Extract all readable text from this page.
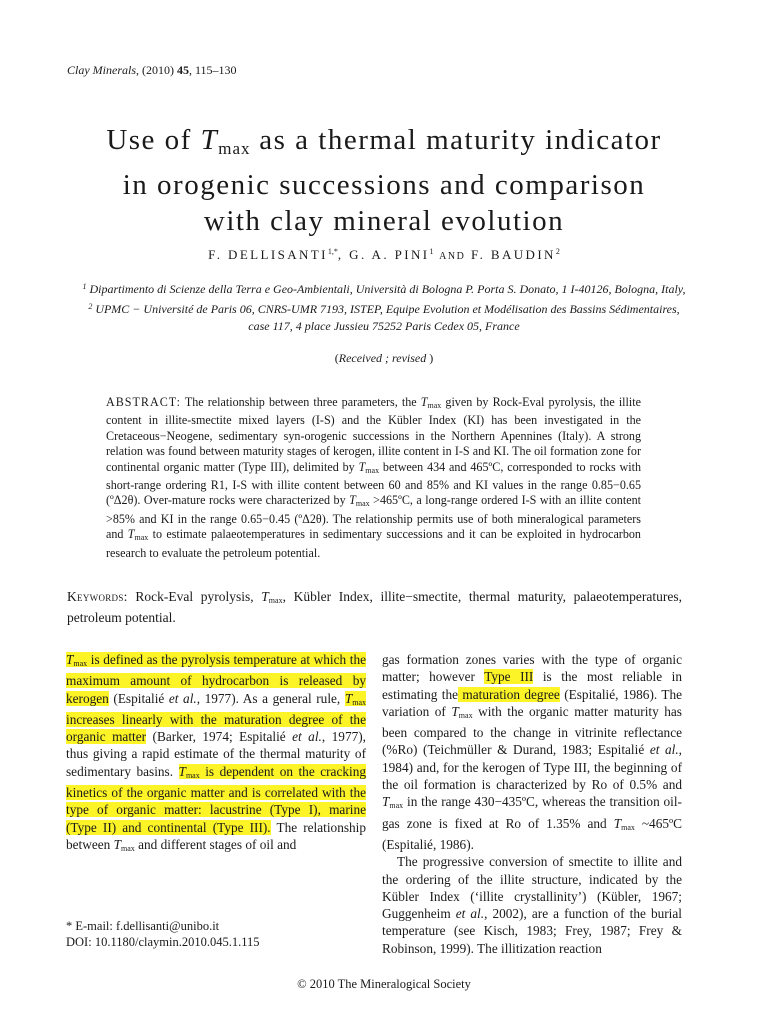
Clay Minerals, (2010) 45, 115–130
Use of $T_{max}$ as a thermal maturity indicator
in orogenic successions and comparison
with clay mineral evolution
F. $DELLISANTI^{1,*}$, G. A. PINI$^1$ AND F. BAUDIN$^2$
$^1$ Dipartimento di Scienze della Terra e Geo-Ambientali, Università di Bologna P. Porta S. Donato, 1 I-40126, Bologna, Italy, $^2$ UPMC − Université de Paris 06, CNRS-UMR 7193, ISTEP, Equipe Evolution et Modélisation des Bassins Sédimentaires, case 117, 4 place Jussieu 75252 Paris Cedex 05, France
(Received ; revised )
ABSTRACT: The relationship between three parameters, the $T_{max}$ given by Rock-Eval pyrolysis, the illite content in illite-smectite mixed layers (I-S) and the Kübler Index (KI) has been investigated in the Cretaceous−Neogene, sedimentary syn-orogenic successions in the Northern Apennines (Italy). A strong relation was found between maturity stages of kerogen, illite content in I-S and KI. The oil formation zone for continental organic matter (Type III), delimited by $T_{max}$ between 434 and 465ºC, corresponded to rocks with short-range ordering R1, I-S with illite content between 60 and 85% and KI values in the range 0.85−0.65 (ºΔ2θ). Over-mature rocks were characterized by $T_{max}$ >465ºC, a long-range ordered I-S with an illite content >85% and KI in the range 0.65−0.45 (ºΔ2θ). The relationship permits use of both mineralogical parameters and $T_{max}$ to estimate palaeotemperatures in sedimentary successions and it can be exploited in hydrocarbon research to evaluate the petroleum potential.
Keywords: Rock-Eval pyrolysis, $T_{max}$, Kübler Index, illite−smectite, thermal maturity, palaeotemperatures, petroleum potential.

$T_{max}$ is defined as the pyrolysis temperature at which the maximum amount of hydrocarbon is released by kerogen (Espitalié et al., 1977). As a general rule, $T_{max}$ increases linearly with the maturation degree of the organic matter (Barker, 1974; Espitalié et al., 1977), thus giving a rapid estimate of the thermal maturity of sedimentary basins. $T_{max}$ is dependent on the cracking kinetics of the organic matter and is correlated with the type of organic matter: lacustrine (Type I), marine (Type II) and continental (Type III). The relationship between $T_{max}$ and different stages of oil and

gas formation zones varies with the type of organic matter; however Type III is the most reliable in estimating the maturation degree (Espitalié, 1986). The variation of $T_{max}$ with the organic matter maturity has been compared to the change in vitrinite reflectance (%Ro) (Teichmüller & Durand, 1983; Espitalié et al., 1984) and, for the kerogen of Type III, the beginning of the oil formation is characterized by Ro of 0.5% and $T_{max}$ in the range 430−435ºC, whereas the transition oil-gas zone is fixed at Ro of 1.35% and $T_{max}$ ~465ºC (Espitalié, 1986).

The progressive conversion of smectite to illite and the ordering of the illite structure, indicated by the Kübler Index (‘illite crystallinity’) (Kübler, 1967; Guggenheim et al., 2002), are a function of the burial temperature (see Kisch, 1983; Frey, 1987; Frey & Robinson, 1999). The illitization reaction

* E-mail: f.dellisanti@unibo.it
DOI: 10.1180/claymin.2010.045.1.115
© 2010 The Mineralogical Society
